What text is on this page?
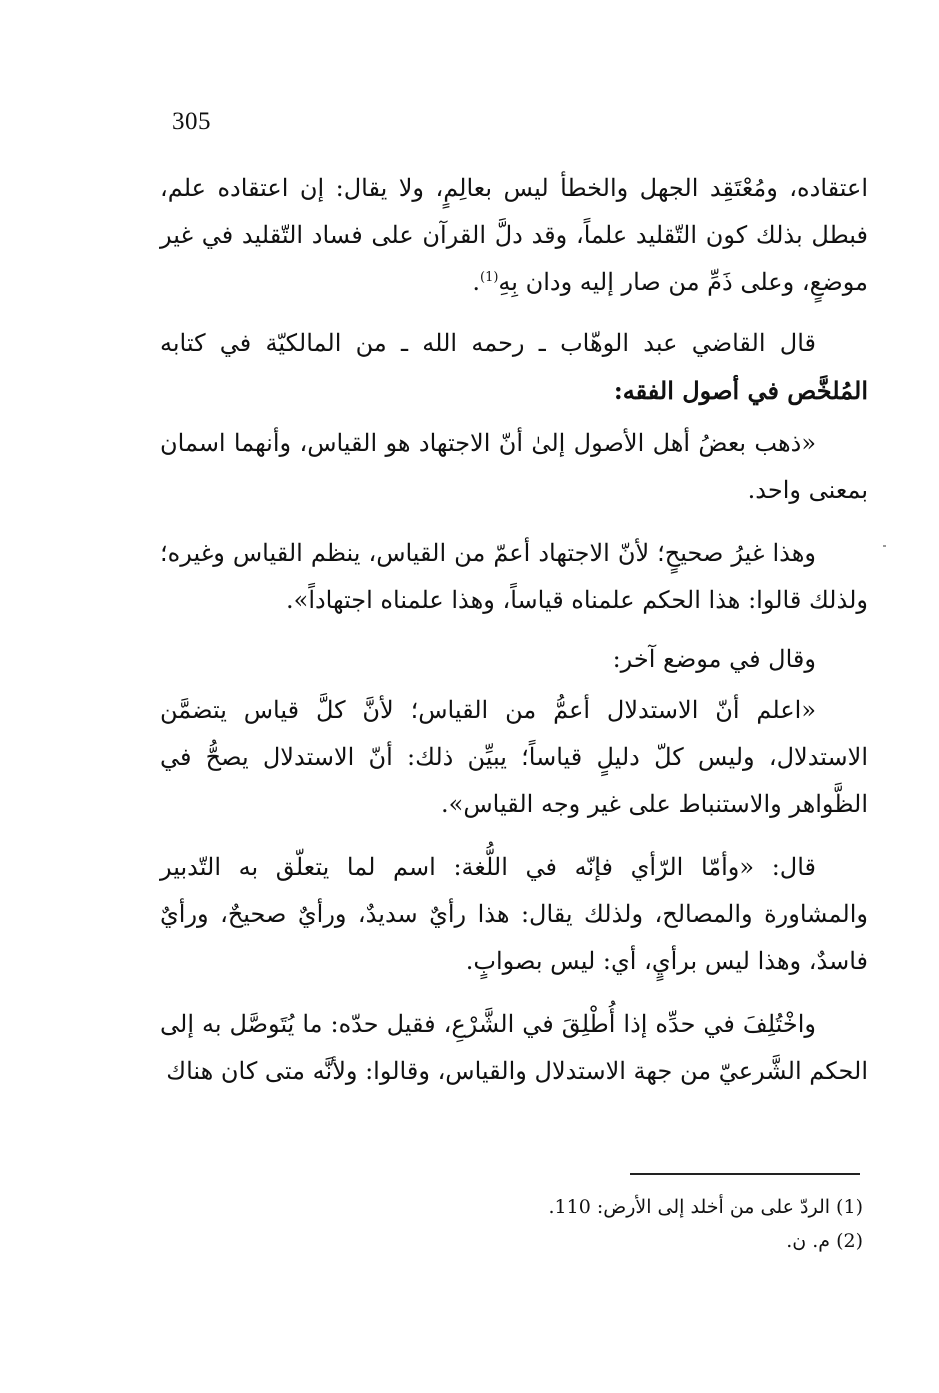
305

اعتقاده، ومُعْتَقِد الجهل والخطأ ليس بعالِمٍ، ولا يقال: إن اعتقاده علم، فبطل بذلك كون التّقليد علماً، وقد دلَّ القرآن على فساد التّقليد في غير موضعٍ، وعلى ذَمِّ من صار إليه ودان بِهِ$^{(1)}$.

قال القاضي عبد الوهّاب ـ رحمه الله ـ من المالكيّة في كتابه المُلخَّص في أصول الفقه:

«ذهب بعضُ أهل الأصول إلىٰ أنّ الاجتهاد هو القياس، وأنهما اسمان بمعنى واحد.

وهذا غيرُ صحيحٍ؛ لأنّ الاجتهاد أعمّ من القياس، ينظم القياس وغيره؛ ولذلك قالوا: هذا الحكم علمناه قياساً، وهذا علمناه اجتهاداً».

وقال في موضع آخر:

«اعلم أنّ الاستدلال أعمُّ من القياس؛ لأنَّ كلَّ قياس يتضمَّن الاستدلال، وليس كلّ دليلٍ قياساً؛ يبيِّن ذلك: أنّ الاستدلال يصحُّ في الظَّواهر والاستنباط على غير وجه القياس».

قال: «وأمّا الرّأي فإنّه في اللُّغة: اسم لما يتعلّق به التّدبير والمشاورة والمصالح، ولذلك يقال: هذا رأيٌ سديدٌ، ورأيٌ صحيحٌ، ورأيٌ فاسدٌ، وهذا ليس برأيٍ، أي: ليس بصوابٍ.

واخْتُلِفَ في حدِّه إذا أُطْلِقَ في الشَّرْعِ، فقيل حدّه: ما يُتَوصَّل به إلى الحكم الشَّرعيّ من جهة الاستدلال والقياس، وقالوا: ولأنَّه متى كان هناك

(1) الردّ على من أخلد إلى الأرض: 110.

(2) م. ن.
